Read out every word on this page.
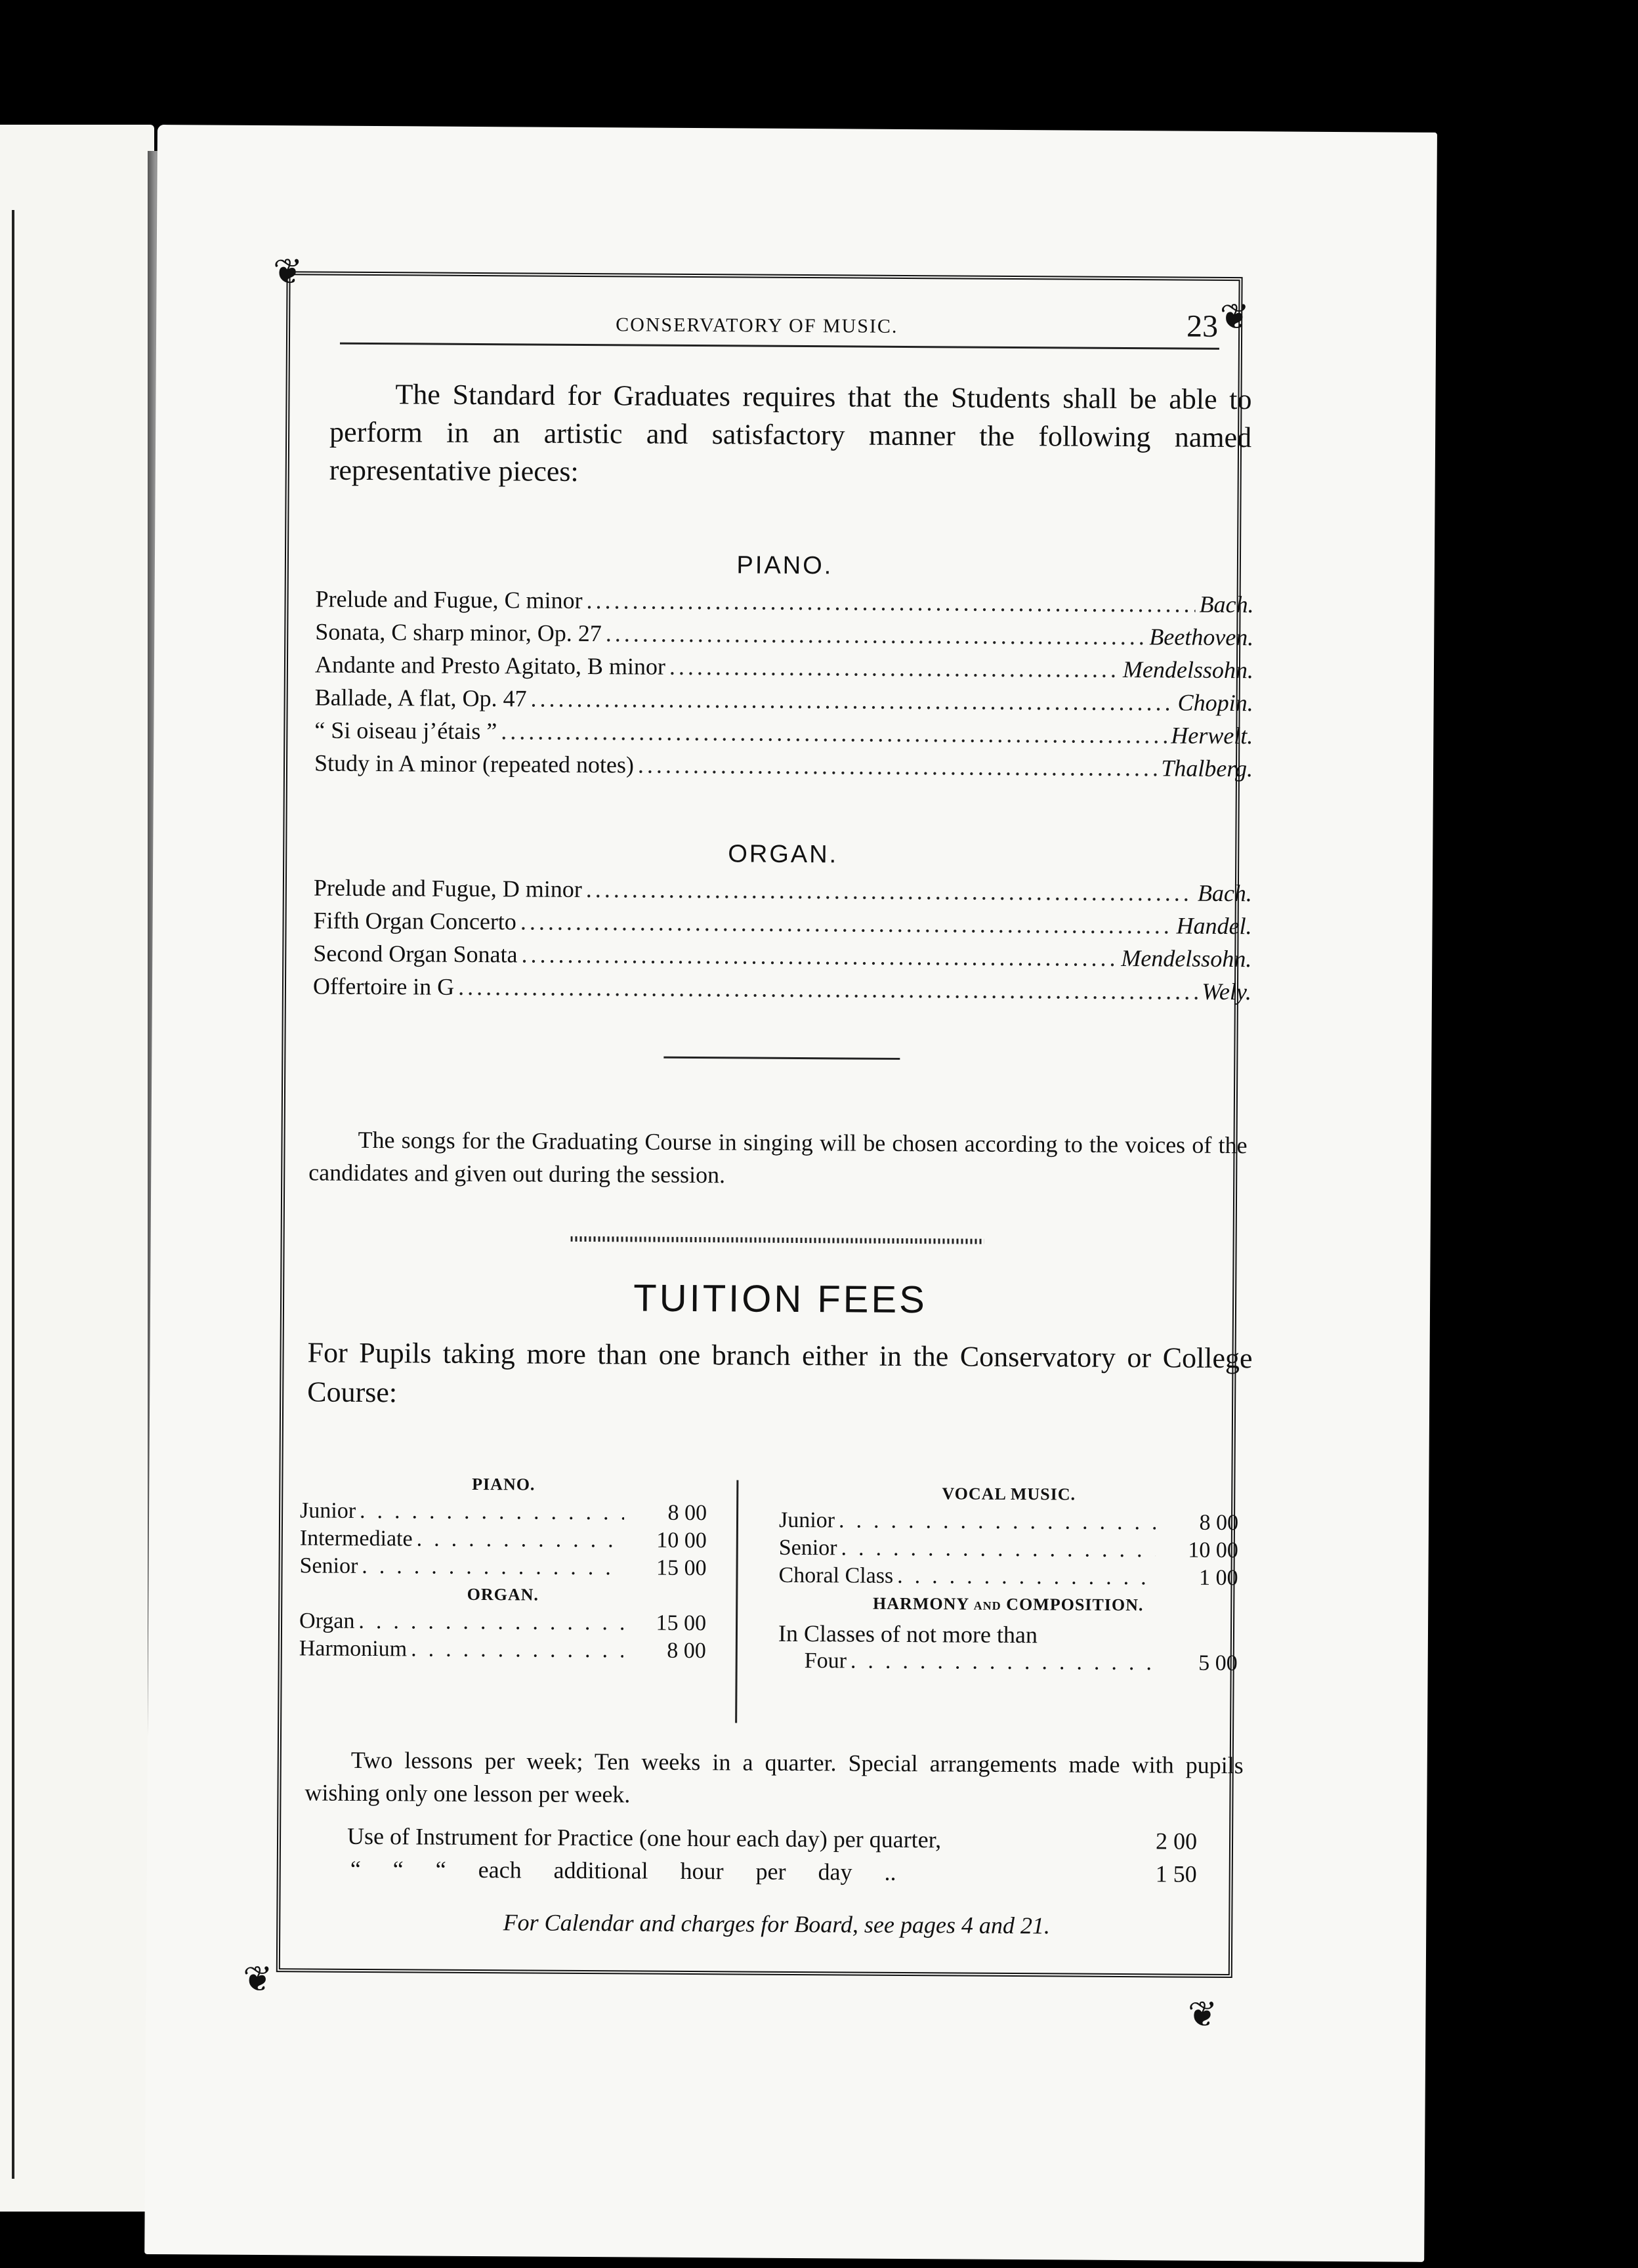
❦
❦
❦
❦
CONSERVATORY OF MUSIC.	23
The Standard for Graduates requires that the Students shall be able to perform in an artistic and satisfactory manner the following named representative pieces:
PIANO.
Prelude and Fugue, C minor .....	Bach.
Sonata, C sharp minor, Op. 27 .....	Beethoven.
Andante and Presto Agitato, B minor .....	Mendelssohn.
Ballade, A flat, Op. 47 .....	Chopin.
“ Si oiseau j’étais ” .....	Herwelt.
Study in A minor (repeated notes) .....	Thalberg.
ORGAN.
Prelude and Fugue, D minor .....	Bach.
Fifth Organ Concerto .....	Handel.
Second Organ Sonata .....	Mendelssohn.
Offertoire in G .....	Wely.
The songs for the Graduating Course in singing will be chosen according to the voices of the candidates and given out during the session.
TUITION FEES
For Pupils taking more than one branch either in the Conservatory or College Course:
PIANO.
Junior .....	8 00
Intermediate .....	10 00
Senior .....	15 00
ORGAN.
Organ .....	15 00
Harmonium .....	8 00
VOCAL MUSIC.
Junior .....	8 00
Senior .....	10 00
Choral Class .....	1 00
HARMONY and COMPOSITION.
In Classes of not more than
Four .....	5 00
Two lessons per week; Ten weeks in a quarter. Special arrangements made with pupils wishing only one lesson per week.
Use of Instrument for Practice (one hour each day) per quarter,	2 00
“ “ “ each additional hour per day ..	1 50
For Calendar and charges for Board, see pages 4 and 21.
